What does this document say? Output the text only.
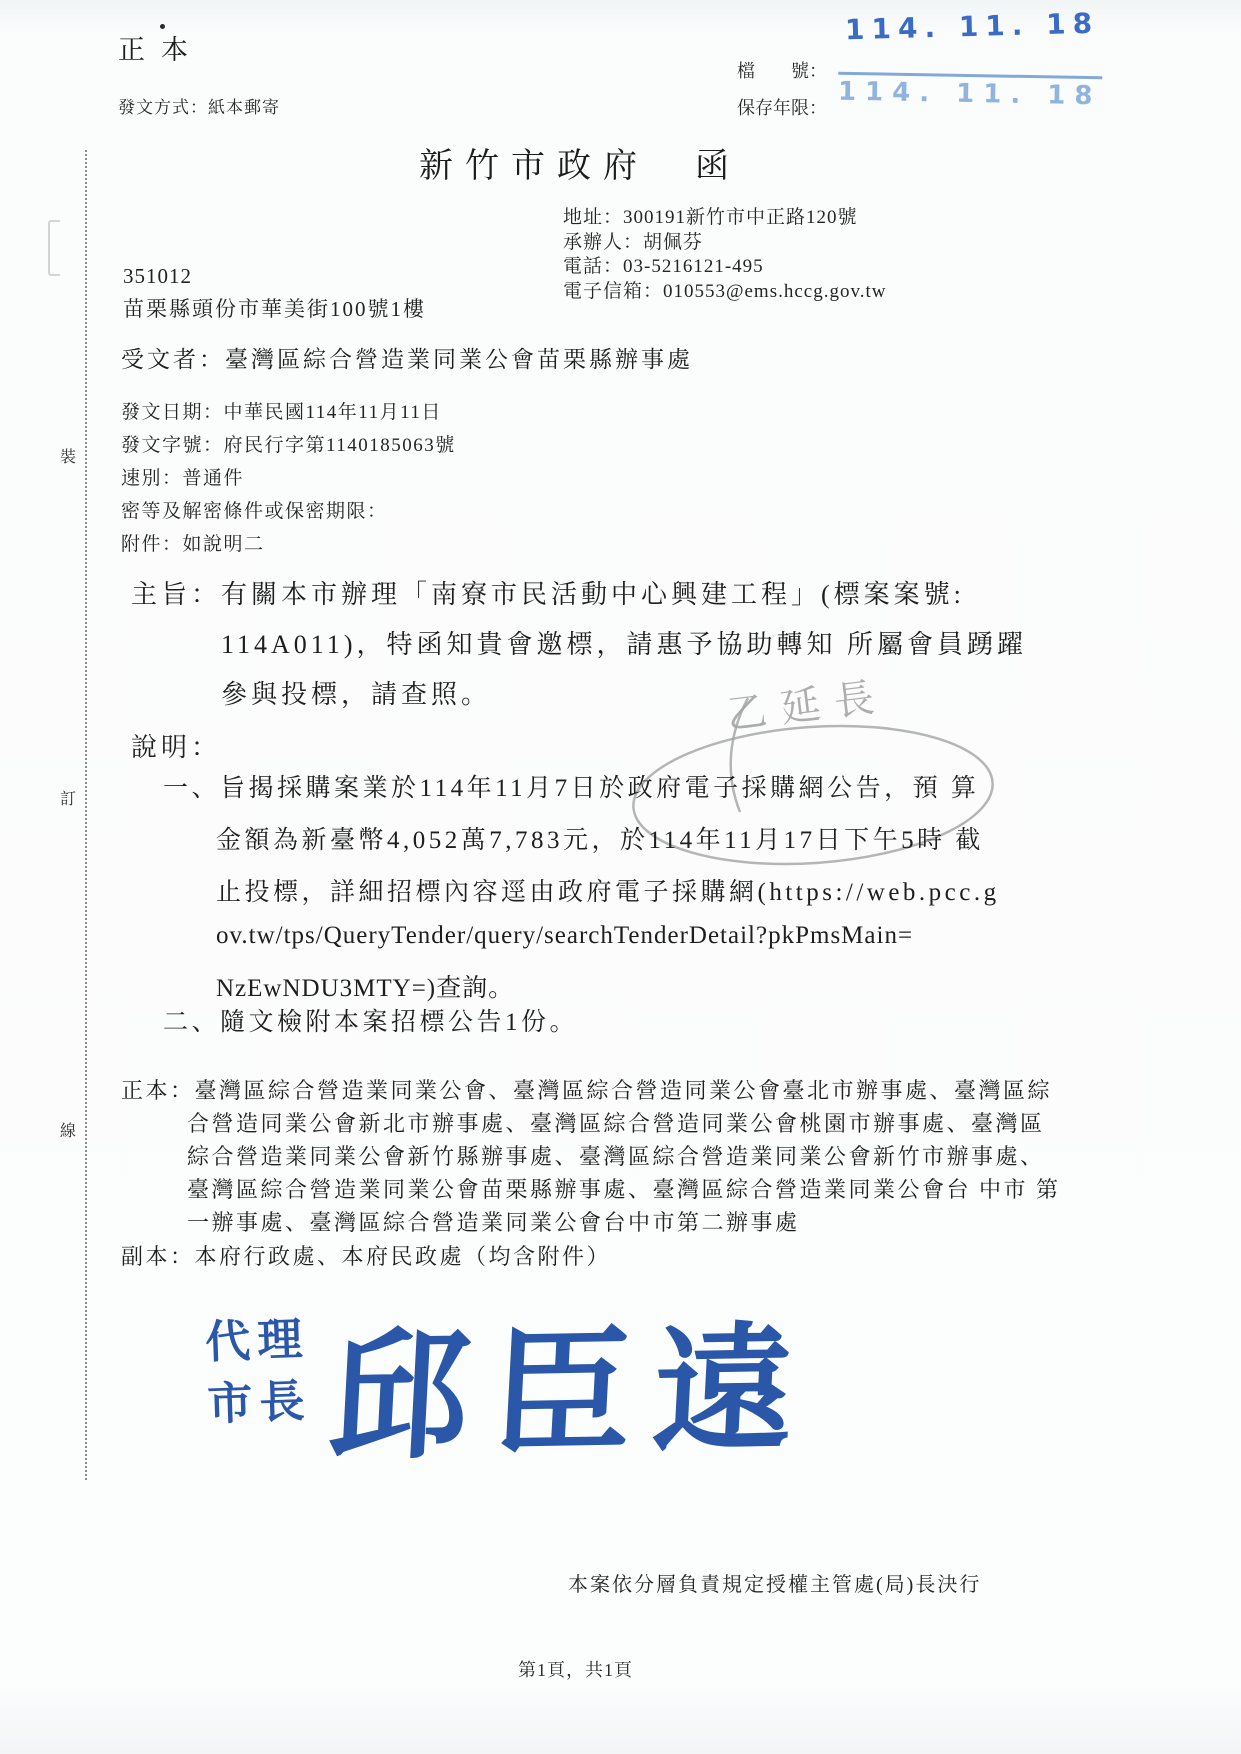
裝
訂
線
正本
發文方式：紙本郵寄
檔　　號：
保存年限：
114. 11. 18
114. 11. 18
新竹市政府　函
地址：300191新竹市中正路120號
承辦人：胡佩芬
電話：03-5216121-495
電子信箱：010553@ems.hccg.gov.tw
351012
苗栗縣頭份市華美街100號1樓
受文者：臺灣區綜合營造業同業公會苗栗縣辦事處
發文日期：中華民國114年11月11日
發文字號：府民行字第1140185063號
速別：普通件
密等及解密條件或保密期限：
附件：如說明二
主旨：有關本市辦理「南寮市民活動中心興建工程」(標案案號:
114A011)，特函知貴會邀標，請惠予協助轉知 所屬會員踴躍
參與投標，請查照。	乙延長
說明：
一、旨揭採購案業於114年11月7日於政府電子採購網公告，預 算
金額為新臺幣4,052萬7,783元，於114年11月17日下午5時 截
止投標，詳細招標內容逕由政府電子採購網(https://web.pcc.g
ov.tw/tps/QueryTender/query/searchTenderDetail?pkPmsMain=
NzEwNDU3MTY=)查詢。
二、隨文檢附本案招標公告1份。
正本：臺灣區綜合營造業同業公會、臺灣區綜合營造同業公會臺北市辦事處、臺灣區綜
合營造同業公會新北市辦事處、臺灣區綜合營造同業公會桃園市辦事處、臺灣區
綜合營造業同業公會新竹縣辦事處、臺灣區綜合營造業同業公會新竹市辦事處、
臺灣區綜合營造業同業公會苗栗縣辦事處、臺灣區綜合營造業同業公會台 中市 第
一辦事處、臺灣區綜合營造業同業公會台中市第二辦事處
副本：本府行政處、本府民政處（均含附件）
代 理
市 長 邱臣遠
本案依分層負責規定授權主管處(局)長決行
第1頁，共1頁
